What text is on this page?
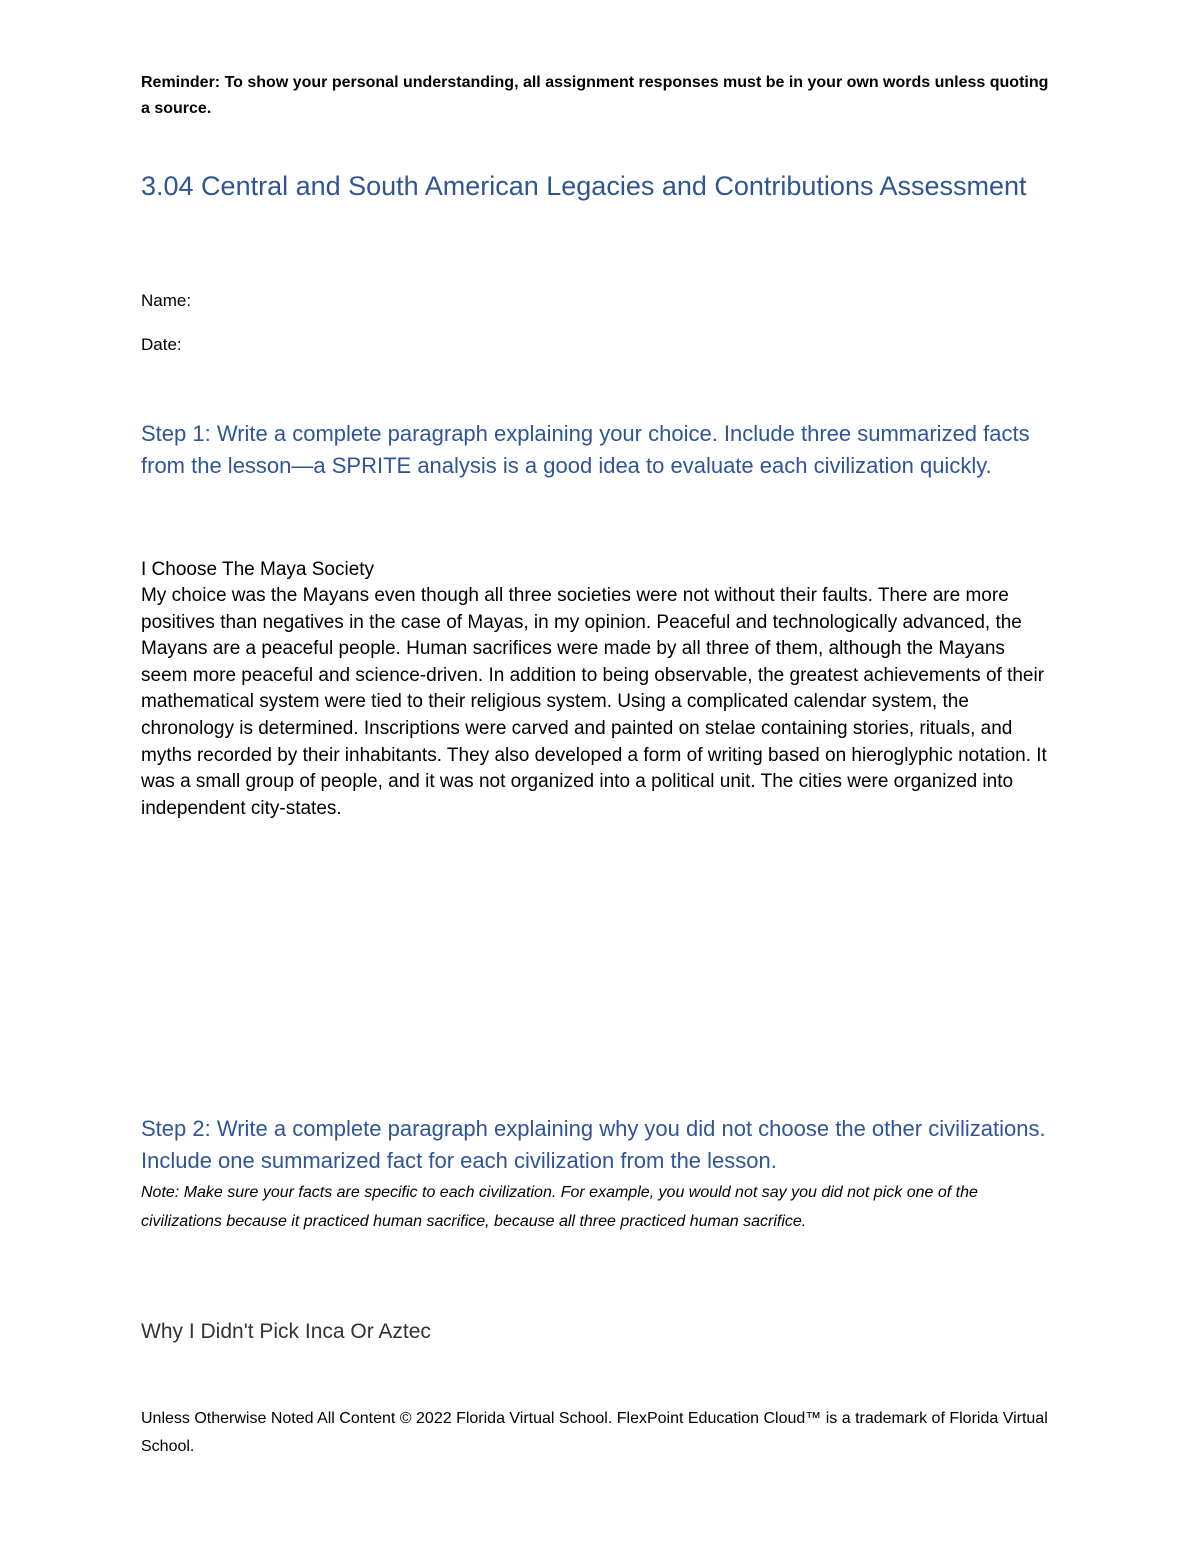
Reminder: To show your personal understanding, all assignment responses must be in your own words unless quoting a source.
3.04 Central and South American Legacies and Contributions Assessment
Name:
Date:
Step 1: Write a complete paragraph explaining your choice. Include three summarized facts from the lesson—a SPRITE analysis is a good idea to evaluate each civilization quickly.
I Choose The Maya Society
My choice was the Mayans even though all three societies were not without their faults. There are more positives than negatives in the case of Mayas, in my opinion. Peaceful and technologically advanced, the Mayans are a peaceful people. Human sacrifices were made by all three of them, although the Mayans seem more peaceful and science-driven. In addition to being observable, the greatest achievements of their mathematical system were tied to their religious system. Using a complicated calendar system, the chronology is determined. Inscriptions were carved and painted on stelae containing stories, rituals, and myths recorded by their inhabitants. They also developed a form of writing based on hieroglyphic notation. It was a small group of people, and it was not organized into a political unit. The cities were organized into independent city-states.
Step 2: Write a complete paragraph explaining why you did not choose the other civilizations. Include one summarized fact for each civilization from the lesson.
Note: Make sure your facts are specific to each civilization. For example, you would not say you did not pick one of the civilizations because it practiced human sacrifice, because all three practiced human sacrifice.
Why I Didn't Pick Inca Or Aztec
Unless Otherwise Noted All Content © 2022 Florida Virtual School. FlexPoint Education Cloud™ is a trademark of Florida Virtual School.
